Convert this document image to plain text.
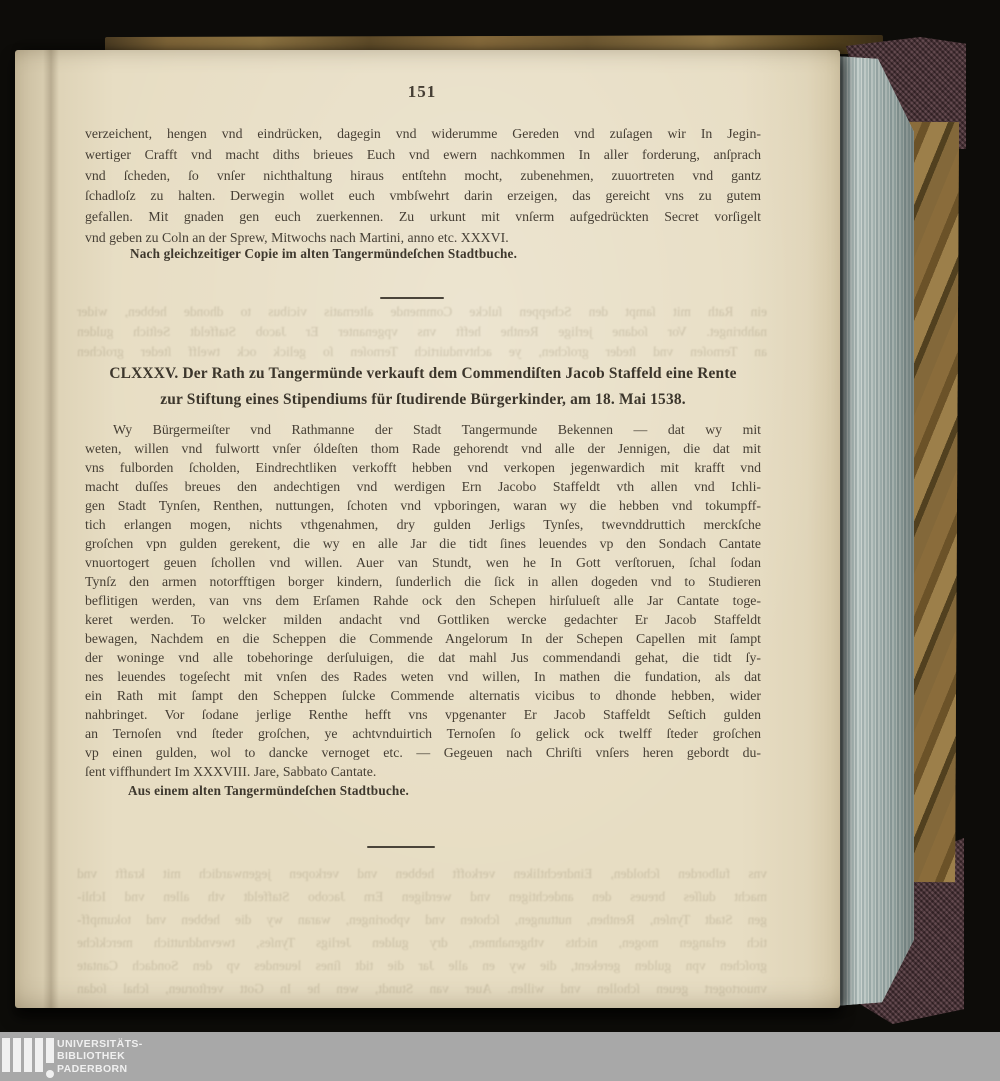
151
verzeichent, hengen vnd eindrücken, dagegin vnd widerumme Gereden vnd zuſagen wir In Jegin-
wertiger Crafft vnd macht diths brieues Euch vnd ewern nachkommen In aller forderung, anſprach
vnd ſcheden, ſo vnſer nichthaltung hiraus entſtehn mocht, zubenehmen, zuuortreten vnd gantz
ſchadloſz zu halten. Derwegin wollet euch vmbſwehrt darin erzeigen, das gereicht vns zu gutem
gefallen. Mit gnaden gen euch zuerkennen. Zu urkunt mit vnſerm aufgedrückten Secret vorſigelt
vnd geben zu Coln an der Sprew, Mitwochs nach Martini, anno etc. XXXVI.
Nach gleichzeitiger Copie im alten Tangermündeſchen Stadtbuche.
ein Rath mit ſampt den Scheppen ſulcke Commende alternatis vicibus to dhonde hebben, wider
nahbringet. Vor ſodane jerlige Renthe hefft vns vpgenanter Er Jacob Staffeldt Seſtich gulden
an Ternoſen vnd ſteder groſchen, ye achtvnduirtich Ternoſen ſo gelick ock twelff ſteder groſchen
CLXXXV. Der Rath zu Tangermünde verkauft dem Commendiſten Jacob Staffeld eine Rente
zur Stiftung eines Stipendiums für ſtudirende Bürgerkinder, am 18. Mai 1538.
Wy Bürgermeiſter vnd Rathmanne der Stadt Tangermunde Bekennen — dat wy mit
weten, willen vnd fulwortt vnſer óldeſten thom Rade gehorendt vnd alle der Jennigen, die dat mit
vns fulborden ſcholden, Eindrechtliken verkofft hebben vnd verkopen jegenwardich mit krafft vnd
macht duſſes breues den andechtigen vnd werdigen Ern Jacobo Staffeldt vth allen vnd Ichli-
gen Stadt Tynſen, Renthen, nuttungen, ſchoten vnd vpboringen, waran wy die hebben vnd tokumpff-
tich erlangen mogen, nichts vthgenahmen, dry gulden Jerligs Tynſes, twevnddruttich merckſche
groſchen vpn gulden gerekent, die wy en alle Jar die tidt ſines leuendes vp den Sondach Cantate
vnuortogert geuen ſchollen vnd willen. Auer van Stundt, wen he In Gott verſtoruen, ſchal ſodan
Tynſz den armen notorfftigen borger kindern, ſunderlich die ſick in allen dogeden vnd to Studieren
beflitigen werden, van vns dem Erſamen Rahde ock den Schepen hirſulueſt alle Jar Cantate toge-
keret werden. To welcker milden andacht vnd Gottliken wercke gedachter Er Jacob Staffeldt
bewagen, Nachdem en die Scheppen die Commende Angelorum In der Schepen Capellen mit ſampt
der woninge vnd alle tobehoringe derſuluigen, die dat mahl Jus commendandi gehat, die tidt ſy-
nes leuendes togeſecht mit vnſen des Rades weten vnd willen, In mathen die fundation, als dat
ein Rath mit ſampt den Scheppen ſulcke Commende alternatis vicibus to dhonde hebben, wider
nahbringet. Vor ſodane jerlige Renthe hefft vns vpgenanter Er Jacob Staffeldt Seſtich gulden
an Ternoſen vnd ſteder groſchen, ye achtvnduirtich Ternoſen ſo gelick ock twelff ſteder groſchen
vp einen gulden, wol to dancke vernoget etc. — Gegeuen nach Chriſti vnſers heren gebordt du-
ſent viffhundert Im XXXVIII. Jare, Sabbato Cantate.
Aus einem alten Tangermündeſchen Stadtbuche.
vns fulborden ſcholden, Eindrechtliken verkofft hebben vnd verkopen jegenwardich mit krafft vnd
macht duſſes breues den andechtigen vnd werdigen Ern Jacobo Staffeldt vth allen vnd Ichli-
gen Stadt Tynſen, Renthen, nuttungen, ſchoten vnd vpboringen, waran wy die hebben vnd tokumpff-
tich erlangen mogen, nichts vthgenahmen, dry gulden Jerligs Tynſes, twevnddruttich merckſche
groſchen vpn gulden gerekent, die wy en alle Jar die tidt ſines leuendes vp den Sondach Cantate
vnuortogert geuen ſchollen vnd willen. Auer van Stundt, wen he In Gott verſtoruen, ſchal ſodan
UNIVERSITÄTS-
BIBLIOTHEK
PADERBORN
